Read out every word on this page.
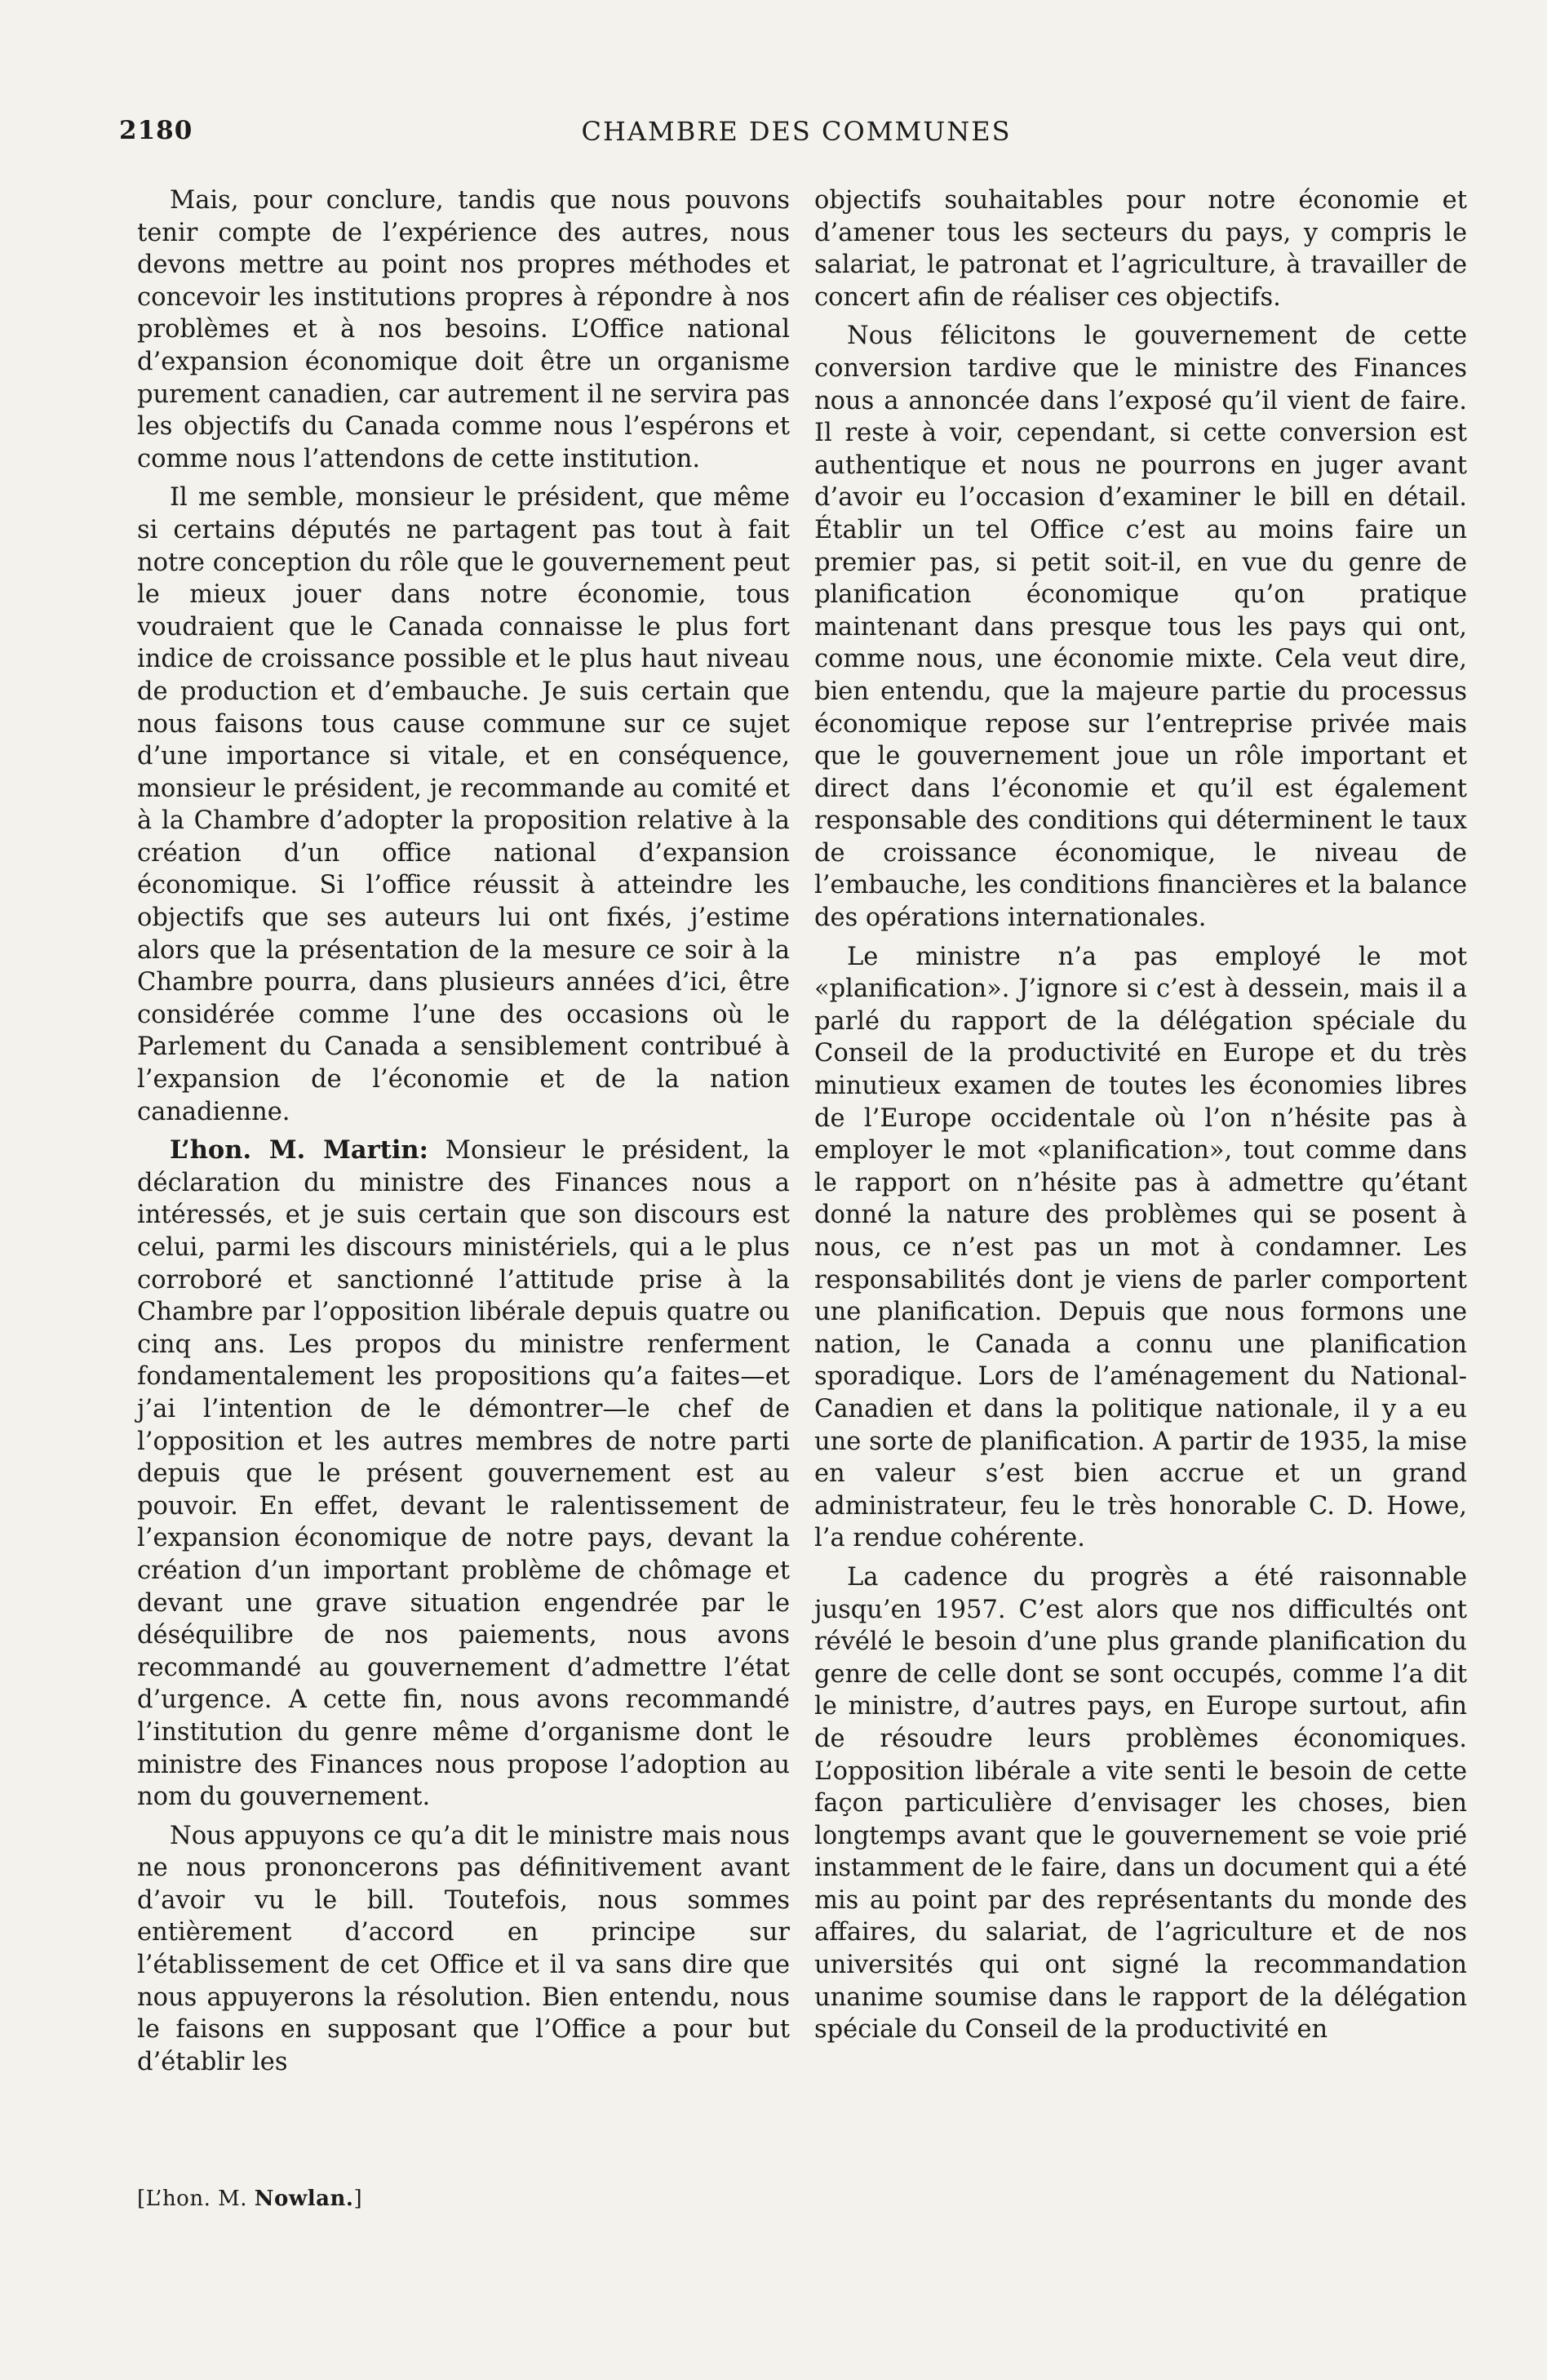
2180	CHAMBRE DES COMMUNES

Mais, pour conclure, tandis que nous pouvons tenir compte de l’expérience des autres, nous devons mettre au point nos propres méthodes et concevoir les institutions propres à répondre à nos problèmes et à nos besoins. L’Office national d’expansion économique doit être un organisme purement canadien, car autrement il ne servira pas les objectifs du Canada comme nous l’espérons et comme nous l’attendons de cette institution.

Il me semble, monsieur le président, que même si certains députés ne partagent pas tout à fait notre conception du rôle que le gouvernement peut le mieux jouer dans notre économie, tous voudraient que le Canada connaisse le plus fort indice de croissance possible et le plus haut niveau de production et d’embauche. Je suis certain que nous faisons tous cause commune sur ce sujet d’une importance si vitale, et en conséquence, monsieur le président, je recommande au comité et à la Chambre d’adopter la proposition relative à la création d’un office national d’expansion économique. Si l’office réussit à atteindre les objectifs que ses auteurs lui ont fixés, j’estime alors que la présentation de la mesure ce soir à la Chambre pourra, dans plusieurs années d’ici, être considérée comme l’une des occasions où le Parlement du Canada a sensiblement contribué à l’expansion de l’économie et de la nation canadienne.

L’hon. M. Martin: Monsieur le président, la déclaration du ministre des Finances nous a intéressés, et je suis certain que son discours est celui, parmi les discours ministériels, qui a le plus corroboré et sanctionné l’attitude prise à la Chambre par l’opposition libérale depuis quatre ou cinq ans. Les propos du ministre renferment fondamentalement les propositions qu’a faites—et j’ai l’intention de le démontrer—le chef de l’opposition et les autres membres de notre parti depuis que le présent gouvernement est au pouvoir. En effet, devant le ralentissement de l’expansion économique de notre pays, devant la création d’un important problème de chômage et devant une grave situation engendrée par le déséquilibre de nos paiements, nous avons recommandé au gouvernement d’admettre l’état d’urgence. A cette fin, nous avons recommandé l’institution du genre même d’organisme dont le ministre des Finances nous propose l’adoption au nom du gouvernement.

Nous appuyons ce qu’a dit le ministre mais nous ne nous prononcerons pas définitivement avant d’avoir vu le bill. Toutefois, nous sommes entièrement d’accord en principe sur l’établissement de cet Office et il va sans dire que nous appuyerons la résolution. Bien entendu, nous le faisons en supposant que l’Office a pour but d’établir les

objectifs souhaitables pour notre économie et d’amener tous les secteurs du pays, y compris le salariat, le patronat et l’agriculture, à travailler de concert afin de réaliser ces objectifs.

Nous félicitons le gouvernement de cette conversion tardive que le ministre des Finances nous a annoncée dans l’exposé qu’il vient de faire. Il reste à voir, cependant, si cette conversion est authentique et nous ne pourrons en juger avant d’avoir eu l’occasion d’examiner le bill en détail. Établir un tel Office c’est au moins faire un premier pas, si petit soit-il, en vue du genre de planification économique qu’on pratique maintenant dans presque tous les pays qui ont, comme nous, une économie mixte. Cela veut dire, bien entendu, que la majeure partie du processus économique repose sur l’entreprise privée mais que le gouvernement joue un rôle important et direct dans l’économie et qu’il est également responsable des conditions qui déterminent le taux de croissance économique, le niveau de l’embauche, les conditions financières et la balance des opérations internationales.

Le ministre n’a pas employé le mot «planification». J’ignore si c’est à dessein, mais il a parlé du rapport de la délégation spéciale du Conseil de la productivité en Europe et du très minutieux examen de toutes les économies libres de l’Europe occidentale où l’on n’hésite pas à employer le mot «planification», tout comme dans le rapport on n’hésite pas à admettre qu’étant donné la nature des problèmes qui se posent à nous, ce n’est pas un mot à condamner. Les responsabilités dont je viens de parler comportent une planification. Depuis que nous formons une nation, le Canada a connu une planification sporadique. Lors de l’aménagement du National-Canadien et dans la politique nationale, il y a eu une sorte de planification. A partir de 1935, la mise en valeur s’est bien accrue et un grand administrateur, feu le très honorable C. D. Howe, l’a rendue cohérente.

La cadence du progrès a été raisonnable jusqu’en 1957. C’est alors que nos difficultés ont révélé le besoin d’une plus grande planification du genre de celle dont se sont occupés, comme l’a dit le ministre, d’autres pays, en Europe surtout, afin de résoudre leurs problèmes économiques. L’opposition libérale a vite senti le besoin de cette façon particulière d’envisager les choses, bien longtemps avant que le gouvernement se voie prié instamment de le faire, dans un document qui a été mis au point par des représentants du monde des affaires, du salariat, de l’agriculture et de nos universités qui ont signé la recommandation unanime soumise dans le rapport de la délégation spéciale du Conseil de la productivité en

[L’hon. M. Nowlan.]
